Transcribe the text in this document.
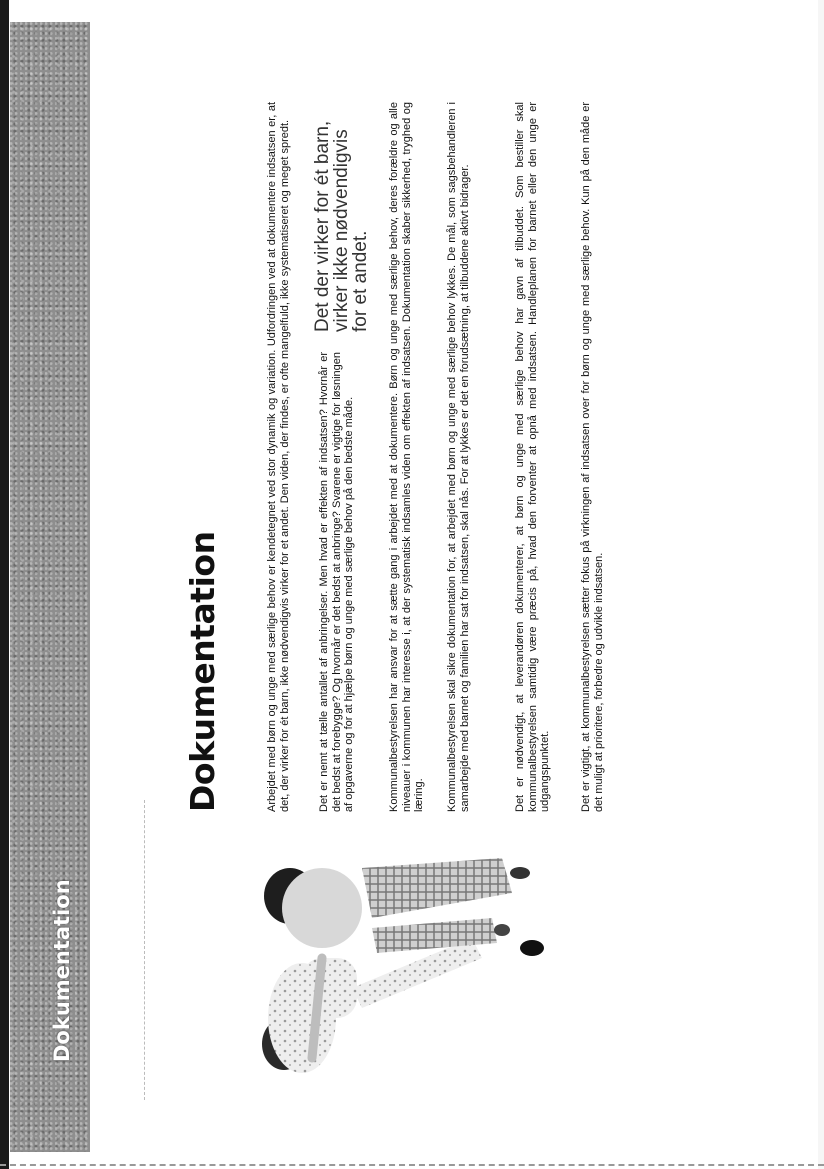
Dokumentation
Dokumentation	Arbejdet med børn og unge med særlige behov er kendetegnet ved stor dynamik og variation. Udfordringen ved at dokumentere indsatsen er, at det, der virker for ét barn, ikke nødvendigvis virker for et andet. Den viden, der findes, er ofte mangelfuld, ikke systematiseret og meget spredt. Det er nemt at tælle antallet af anbringelser. Men hvad er effekten af indsatsen? Hvornår er det bedst at forebygge? Og hvornår er det bedst at anbringe? Svarene er vigtige for løsningen af opgaverne og for at hjælpe børn og unge med særlige behov på den bedste måde.

Det der virker for ét barn, virker ikke nødvendigvis for et andet. Kommunalbestyrelsen har ansvar for at sætte gang i arbejdet med at dokumentere. Børn og unge med særlige behov, deres forældre og alle niveauer i kommunen har interesse i, at der systematisk indsamles viden om effekten af indsatsen. Dokumentation skaber sikkerhed, tryghed og læring. Kommunalbestyrelsen skal sikre dokumentation for, at arbejdet med børn og unge med særlige behov lykkes. De mål, som sagsbehandleren i samarbejde med barnet og familien har sat for indsatsen, skal nås. For at lykkes er det en forudsætning, at tilbuddene aktivt bidrager.	Det er nødvendigt, at leverandøren dokumenterer, at børn og unge med særlige behov har gavn af tilbuddet. Som bestiller skal kommunalbestyrelsen samtidig være præcis på, hvad den forventer at opnå med indsatsen. Handleplanen for barnet eller den unge er udgangspunktet.	Det er vigtigt, at kommunalbestyrelsen sætter fokus på virkningen af indsatsen over for børn og unge med særlige behov. Kun på den måde er det muligt at prioritere, forbedre og udvikle indsatsen.
